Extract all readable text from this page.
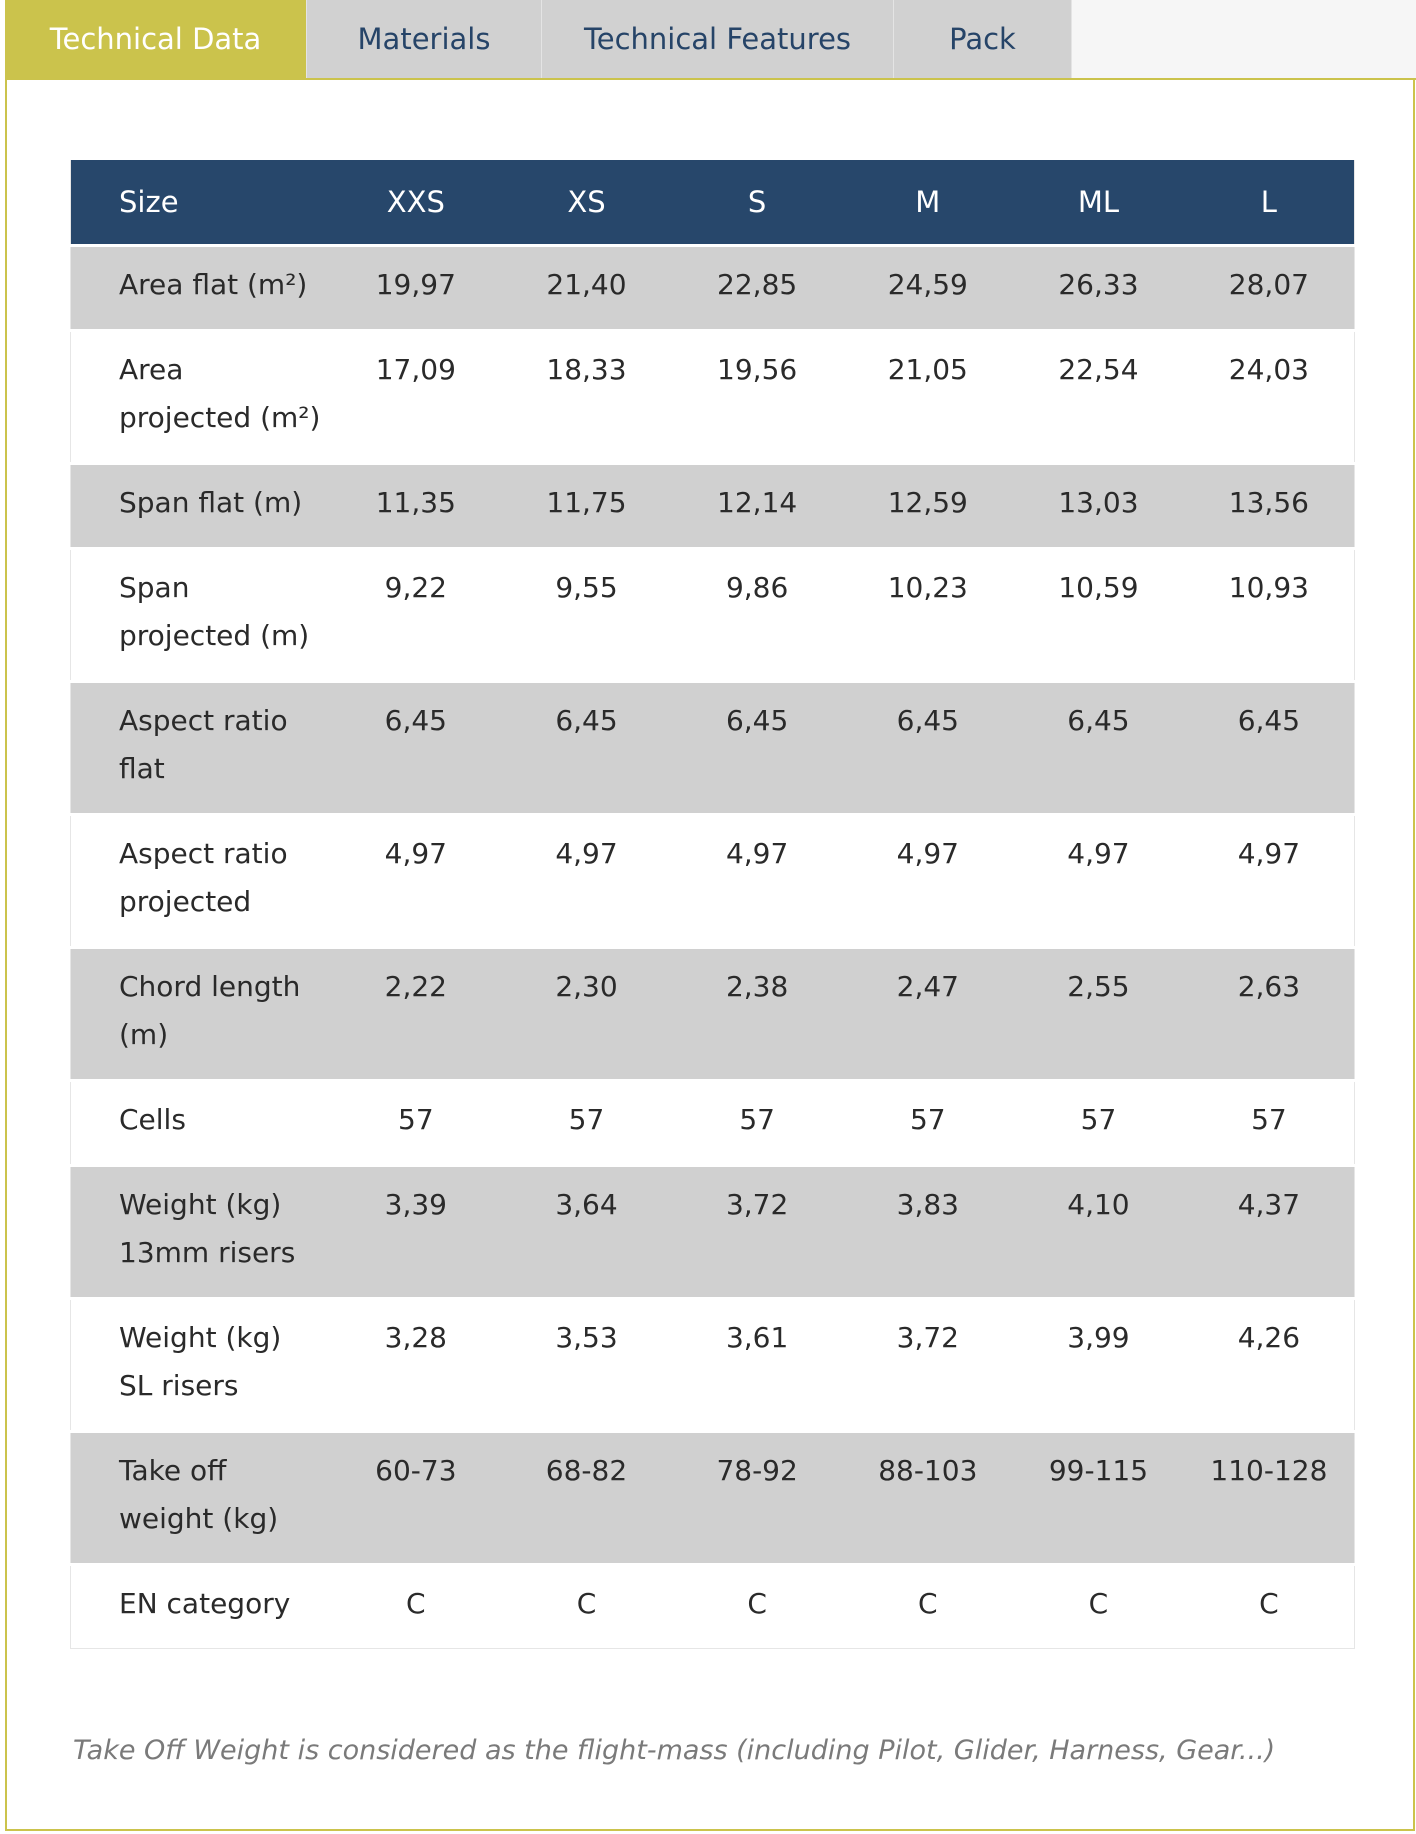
Technical Data	Materials	Technical Features	Pack
Size	XXS	XS	S	M	ML	L
Area flat (m²)	19,97	21,40	22,85	24,59	26,33	28,07
Area projected (m²)	17,09	18,33	19,56	21,05	22,54	24,03
Span flat (m)	11,35	11,75	12,14	12,59	13,03	13,56
Span projected (m)	9,22	9,55	9,86	10,23	10,59	10,93
Aspect ratio flat	6,45	6,45	6,45	6,45	6,45	6,45
Aspect ratio projected	4,97	4,97	4,97	4,97	4,97	4,97
Chord length (m)	2,22	2,30	2,38	2,47	2,55	2,63
Cells	57	57	57	57	57	57
Weight (kg) 13mm risers	3,39	3,64	3,72	3,83	4,10	4,37
Weight (kg) SL risers	3,28	3,53	3,61	3,72	3,99	4,26
Take off weight (kg)	60-73	68-82	78-92	88-103	99-115	110-128
EN category	C	C	C	C	C	C
Take Off Weight is considered as the flight-mass (including Pilot, Glider, Harness, Gear...)
